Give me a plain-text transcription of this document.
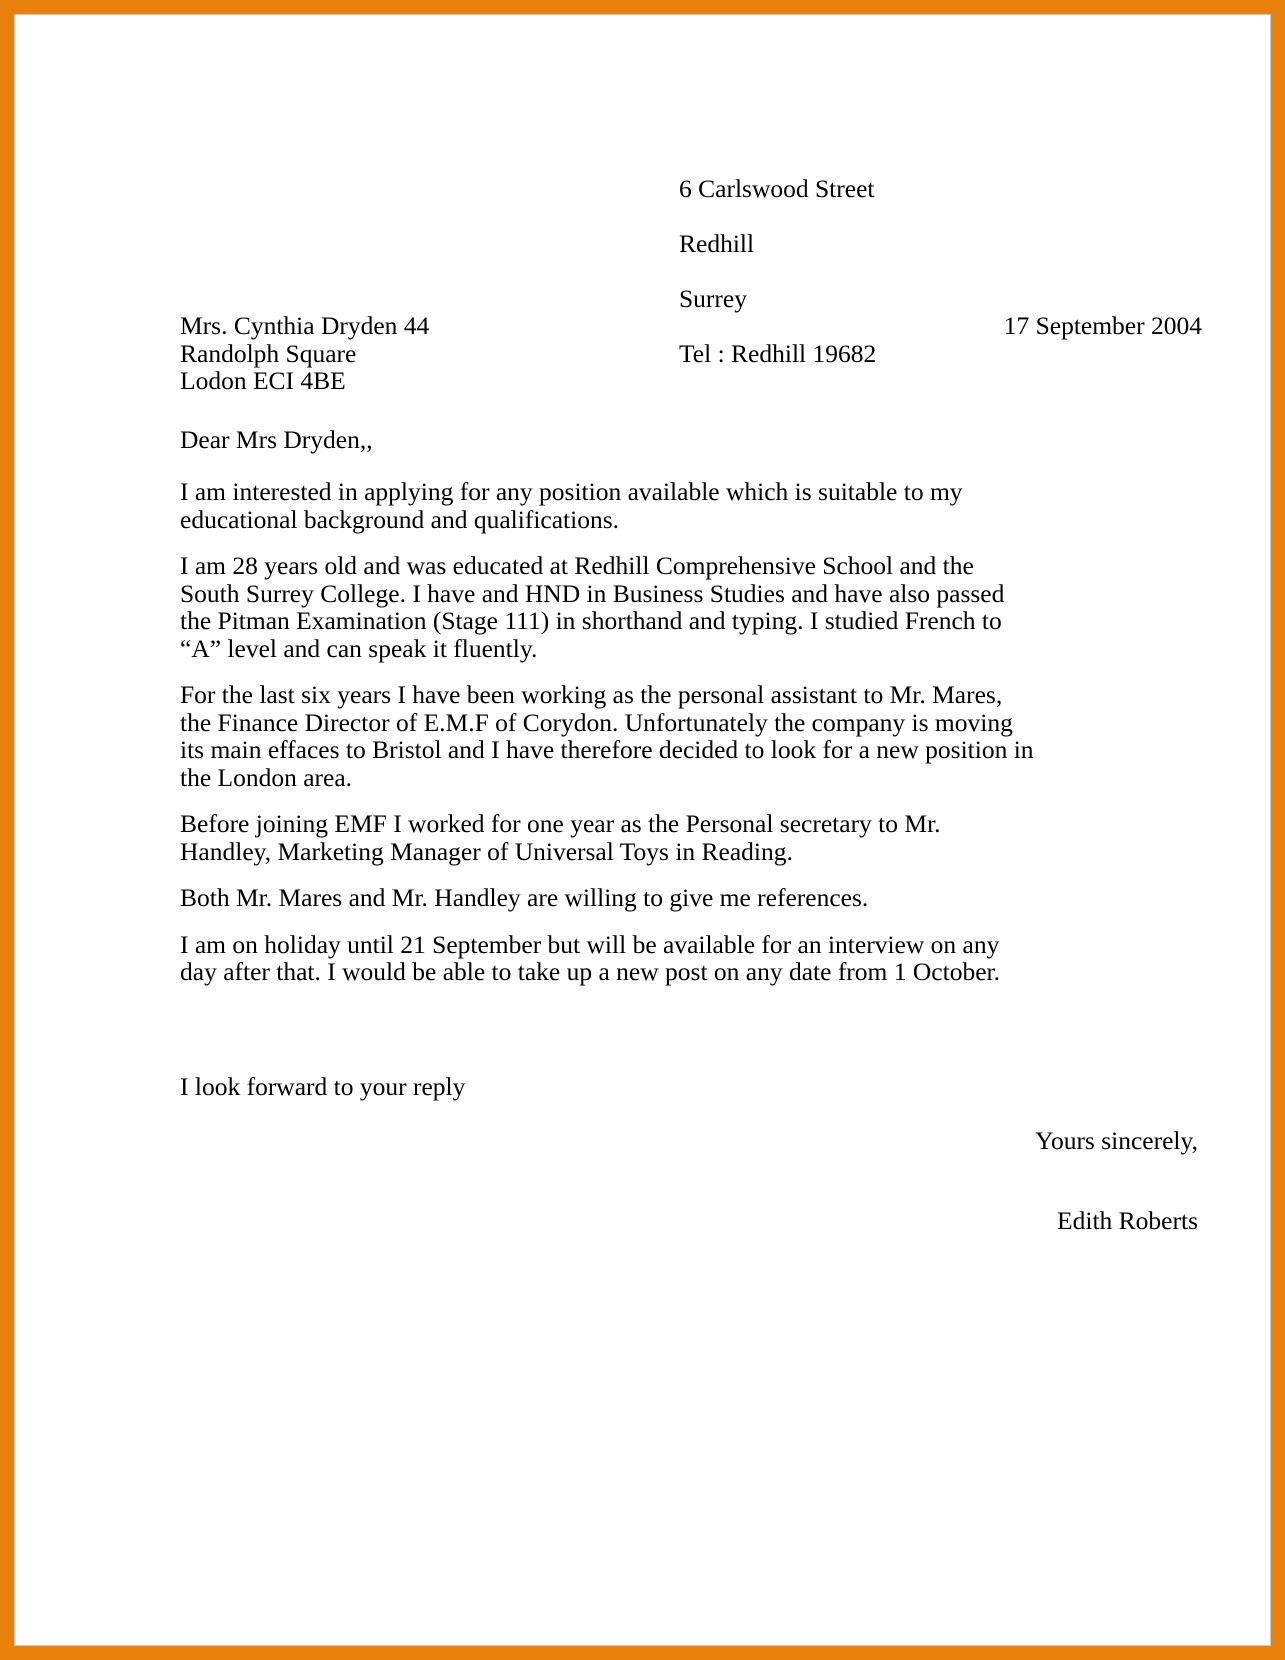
6 Carlswood Street

Redhill

Surrey

Tel : Redhill 19682

Mrs. Cynthia Dryden 44
Randolph Square
Lodon ECI 4BE
17 September 2004
Dear Mrs Dryden,,

I am interested in applying for any position available which is suitable to my educational background and qualifications.

I am 28 years old and was educated at Redhill Comprehensive School and the South Surrey College. I have and HND in Business Studies and have also passed the Pitman Examination (Stage 111) in shorthand and typing. I studied French to “A” level and can speak it fluently.

For the last six years I have been working as the personal assistant to Mr. Mares, the Finance Director of E.M.F of Corydon. Unfortunately the company is moving its main effaces to Bristol and I have therefore decided to look for a new position in the London area.

Before joining EMF I worked for one year as the Personal secretary to Mr. Handley, Marketing Manager of Universal Toys in Reading.

Both Mr. Mares and Mr. Handley are willing to give me references.

I am on holiday until 21 September but will be available for an interview on any day after that. I would be able to take up a new post on any date from 1 October.

I look forward to your reply
Yours sincerely,
Edith Roberts
